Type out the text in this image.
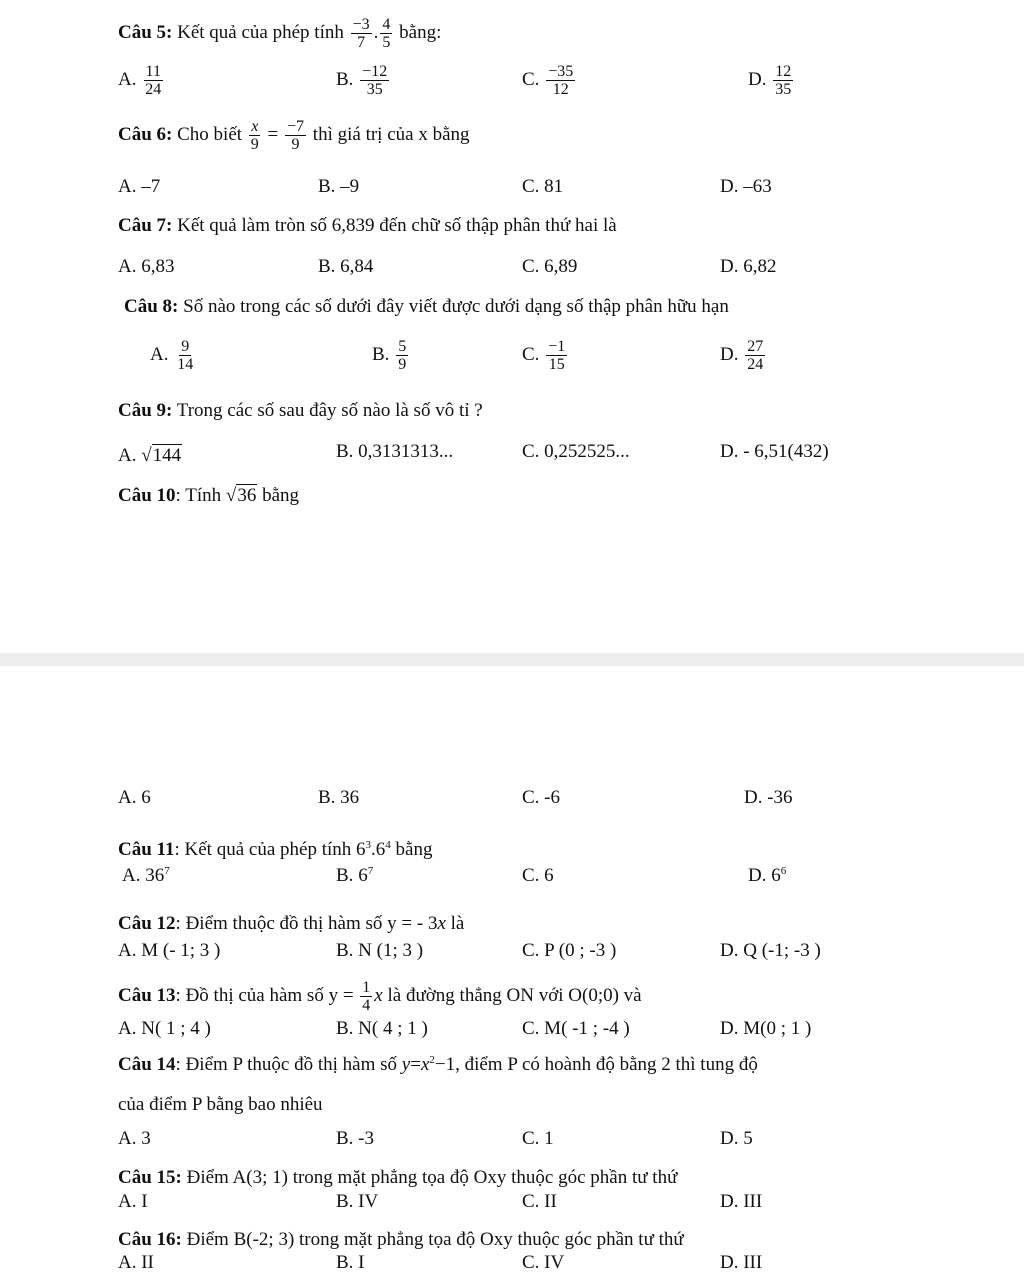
Câu 5: Kết quả của phép tính $\frac{-3}{7}$ . $\frac{4}{5}$ bằng:
A. $\frac{11}{24}$	B. $\frac{-12}{35}$	C. $\frac{-35}{12}$	D. $\frac{12}{35}$
Câu 6: Cho biết $\frac{x}{9} = \frac{-7}{9}$ thì giá trị của x bằng
A. –7	B. –9	C. 81	D. –63
Câu 7: Kết quả làm tròn số 6,839 đến chữ số thập phân thứ hai là
A. 6,83	B. 6,84	C. 6,89	D. 6,82
Câu 8: Số nào trong các số dưới đây viết được dưới dạng số thập phân hữu hạn
A. $\frac{9}{14}$	B. $\frac{5}{9}$	C. $\frac{-1}{15}$	D. $\frac{27}{24}$
Câu 9: Trong các số sau đây số nào là số vô tỉ ?
A. √144	B. 0,3131313...	C. 0,252525...	D. - 6,51(432)
Câu 10: Tính √36 bằng
A. 6	B. 36	C. -6	D. -36
Câu 11: Kết quả của phép tính $6^3.6^4$ bằng
A. $36^7$	B. $6^7$	C. 6	D. $6^6$
Câu 12: Điểm thuộc đồ thị hàm số y = - 3x là
A. M (- 1; 3 )	B. N (1; 3 )	C. P (0 ; -3 )	D. Q (-1; -3 )
Câu 13: Đồ thị của hàm số $y = \frac{1}{4}$ x là đường thẳng ON với O(0;0) và
A. N( 1 ; 4 )	B. N( 4 ; 1 )	C. M( -1 ; -4 )	D. M(0 ; 1 )
Câu 14: Điểm P thuộc đồ thị hàm số $y=x^2-1$, điểm P có hoành độ bằng 2 thì tung độ
của điểm P bằng bao nhiêu
A. 3	B. -3	C. 1	D. 5
Câu 15: Điểm A(3; 1) trong mặt phẳng tọa độ Oxy thuộc góc phần tư thứ
A. I	B. IV	C. II	D. III
Câu 16: Điểm B(-2; 3) trong mặt phẳng tọa độ Oxy thuộc góc phần tư thứ
A. II	B. I	C. IV	D. III
